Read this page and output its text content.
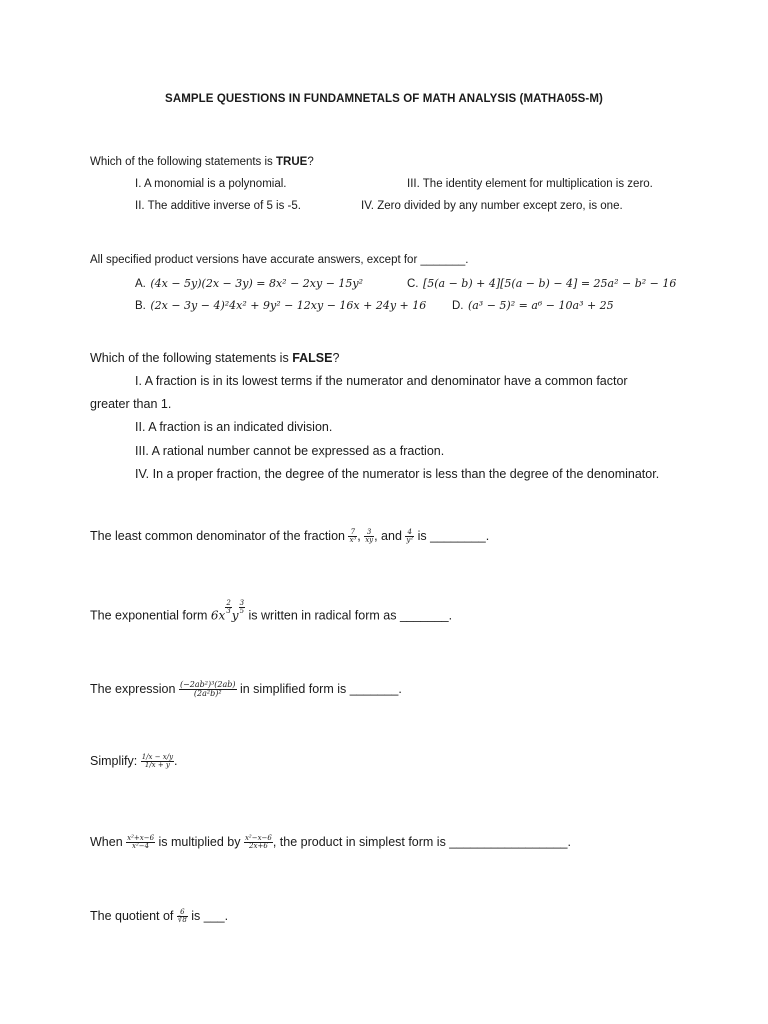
SAMPLE QUESTIONS IN FUNDAMNETALS OF MATH ANALYSIS (MATHA05S-M)
Which of the following statements is TRUE?
I. A monomial is a polynomial.	III. The identity element for multiplication is zero.
II. The additive inverse of 5 is -5.	IV. Zero divided by any number except zero, is one.
All specified product versions have accurate answers, except for _______.
A. (4x − 5y)(2x − 3y) = 8x² − 2xy − 15y²	C. [5(a − b) + 4][5(a − b) − 4] = 25a² − b² − 16
B. (2x − 3y − 4)²4x² + 9y² − 12xy − 16x + 24y + 16 D. (a³ − 5)² = a⁶ − 10a³ + 25
Which of the following statements is FALSE?
I. A fraction is in its lowest terms if the numerator and denominator have a common factor
greater than 1.
II. A fraction is an indicated division.
III. A rational number cannot be expressed as a fraction.
IV. In a proper fraction, the degree of the numerator is less than the degree of the denominator.
The least common denominator of the fraction $\frac{7}{\text{x³}}$ , $\frac{3}{xy}$ , and $\frac{4}{\text{y²}}$ is ________.
The exponential form $6x \frac{2}{3}$ y $\frac{3}{5}$ is written in radical form as _______.
The expression $\frac{\text{(−2ab²)³(2ab)}}{\text{(2a²b)²}}$ in simplified form is _______.
Simplify: $\frac{1/x - x/y}{1/x + y}$ .
When $\frac{\text{x²+x−6}}{\text{x²−4}}$ is multiplied by $\frac{\text{x²−x−6}}{2x+6}$ , the product in simplest form is _________________.
The quotient of $\frac{6}{∛8}$ is ___.
